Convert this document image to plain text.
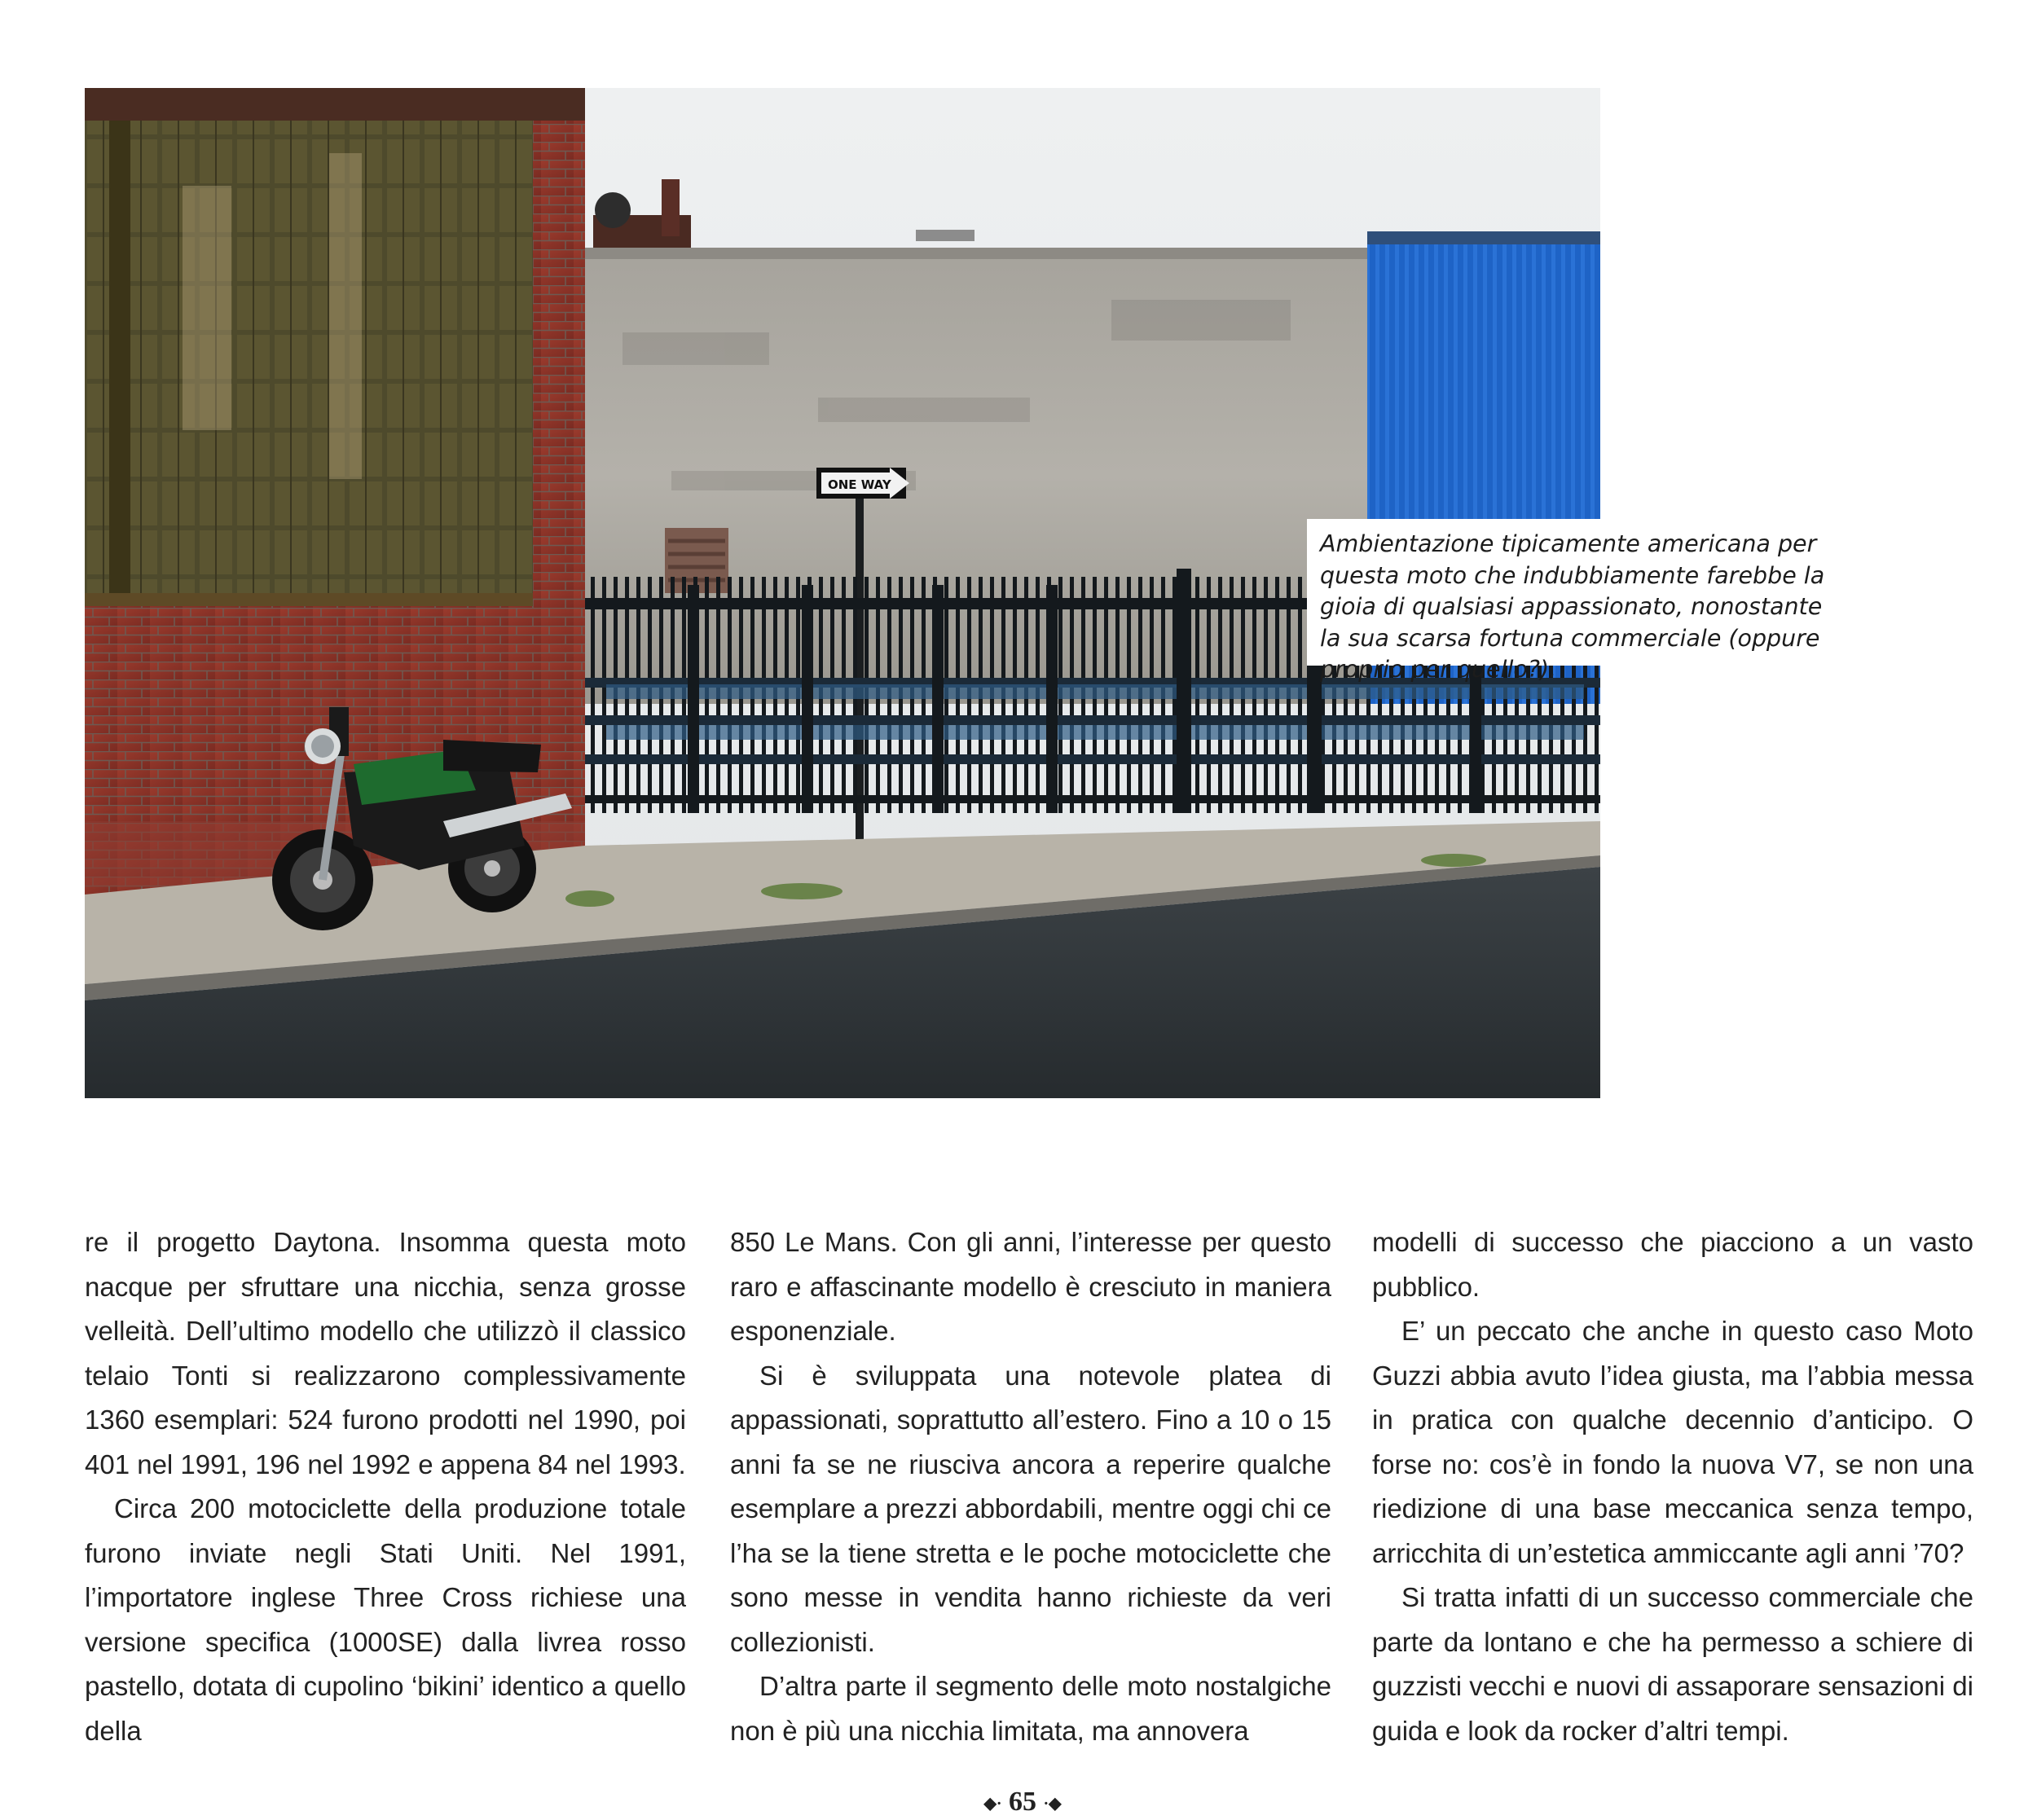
ONE WAY
Ambientazione tipicamente americana per questa moto che indubbiamente farebbe la gioia di qualsiasi appassionato, nonostante la sua scarsa fortuna commerciale (oppure proprio per quello?).

re il progetto Daytona. Insomma questa moto nacque per sfruttare una nicchia, senza grosse velleità. Dell’ultimo modello che utilizzò il classico telaio Tonti si realizzarono complessivamente 1360 esemplari: 524 furono prodotti nel 1990, poi 401 nel 1991, 196 nel 1992 e appena 84 nel 1993.

Circa 200 motociclette della produzione totale furono inviate negli Stati Uniti. Nel 1991, l’importatore inglese Three Cross richiese una versione specifica (1000SE) dalla livrea rosso pastello, dotata di cupolino ‘bikini’ identico a quello della

850 Le Mans. Con gli anni, l’interesse per questo raro e affascinante modello è cresciuto in maniera esponenziale.

Si è sviluppata una notevole platea di appassionati, soprattutto all’estero. Fino a 10 o 15 anni fa se ne riusciva ancora a reperire qualche esemplare a prezzi abbordabili, mentre oggi chi ce l’ha se la tiene stretta e le poche motociclette che sono messe in vendita hanno richieste da veri collezionisti.

D’altra parte il segmento delle moto nostalgiche non è più una nicchia limitata, ma annovera

modelli di successo che piacciono a un vasto pubblico.

E’ un peccato che anche in questo caso Moto Guzzi abbia avuto l’idea giusta, ma l’abbia messa in pratica con qualche decennio d’anticipo. O forse no: cos’è in fondo la nuova V7, se non una riedizione di una base meccanica senza tempo, arricchita di un’estetica ammiccante agli anni ’70?

Si tratta infatti di un successo commerciale che parte da lontano e che ha permesso a schiere di guzzisti vecchi e nuovi di assaporare sensazioni di guida e look da rocker d’altri tempi.

◆· 65 ·◆
